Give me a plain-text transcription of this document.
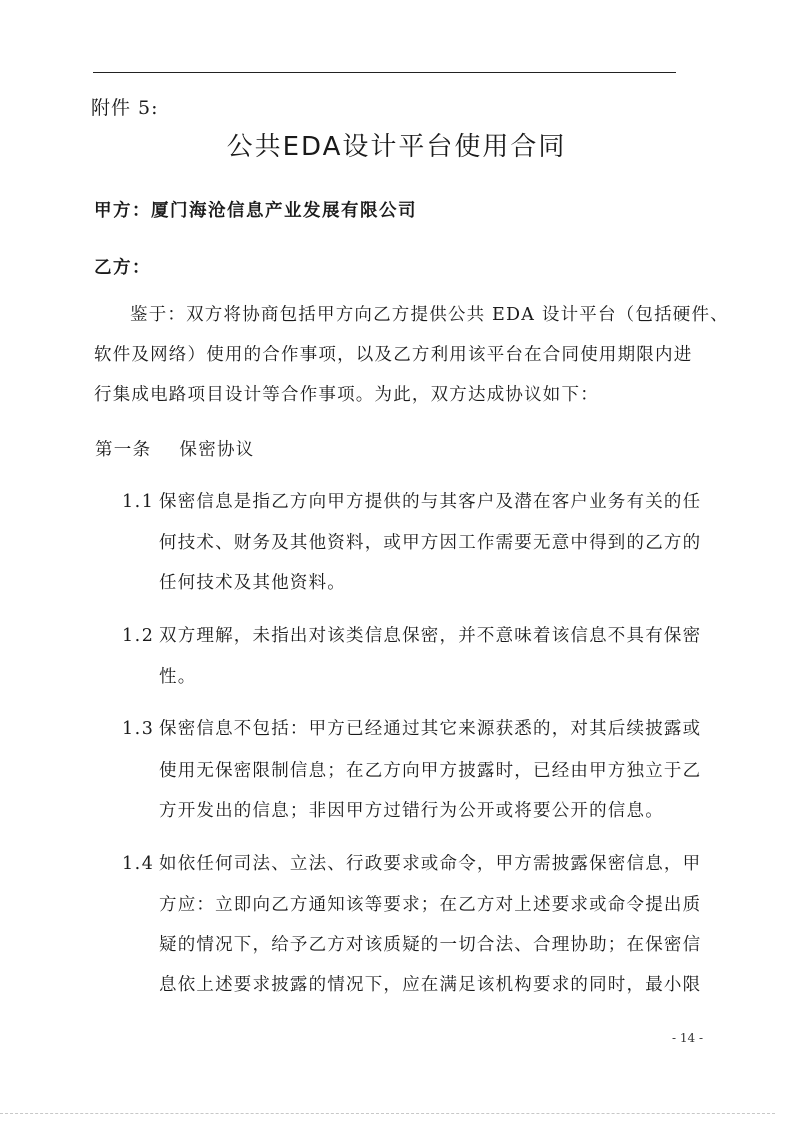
附件 5:
公共EDA设计平台使用合同
甲方：厦门海沧信息产业发展有限公司
乙方：
鉴于：双方将协商包括甲方向乙方提供公共 EDA 设计平台（包括硬件、
软件及网络）使用的合作事项，以及乙方利用该平台在合同使用期限内进
行集成电路项目设计等合作事项。为此，双方达成协议如下：
第一条 保密协议
1.1 保密信息是指乙方向甲方提供的与其客户及潜在客户业务有关的任
何技术、财务及其他资料，或甲方因工作需要无意中得到的乙方的
任何技术及其他资料。
1.2 双方理解，未指出对该类信息保密，并不意味着该信息不具有保密
性。
1.3 保密信息不包括：甲方已经通过其它来源获悉的，对其后续披露或
使用无保密限制信息；在乙方向甲方披露时，已经由甲方独立于乙
方开发出的信息；非因甲方过错行为公开或将要公开的信息。
1.4 如依任何司法、立法、行政要求或命令，甲方需披露保密信息，甲
方应：立即向乙方通知该等要求；在乙方对上述要求或命令提出质
疑的情况下，给予乙方对该质疑的一切合法、合理协助；在保密信
息依上述要求披露的情况下，应在满足该机构要求的同时，最小限
- 14 -
